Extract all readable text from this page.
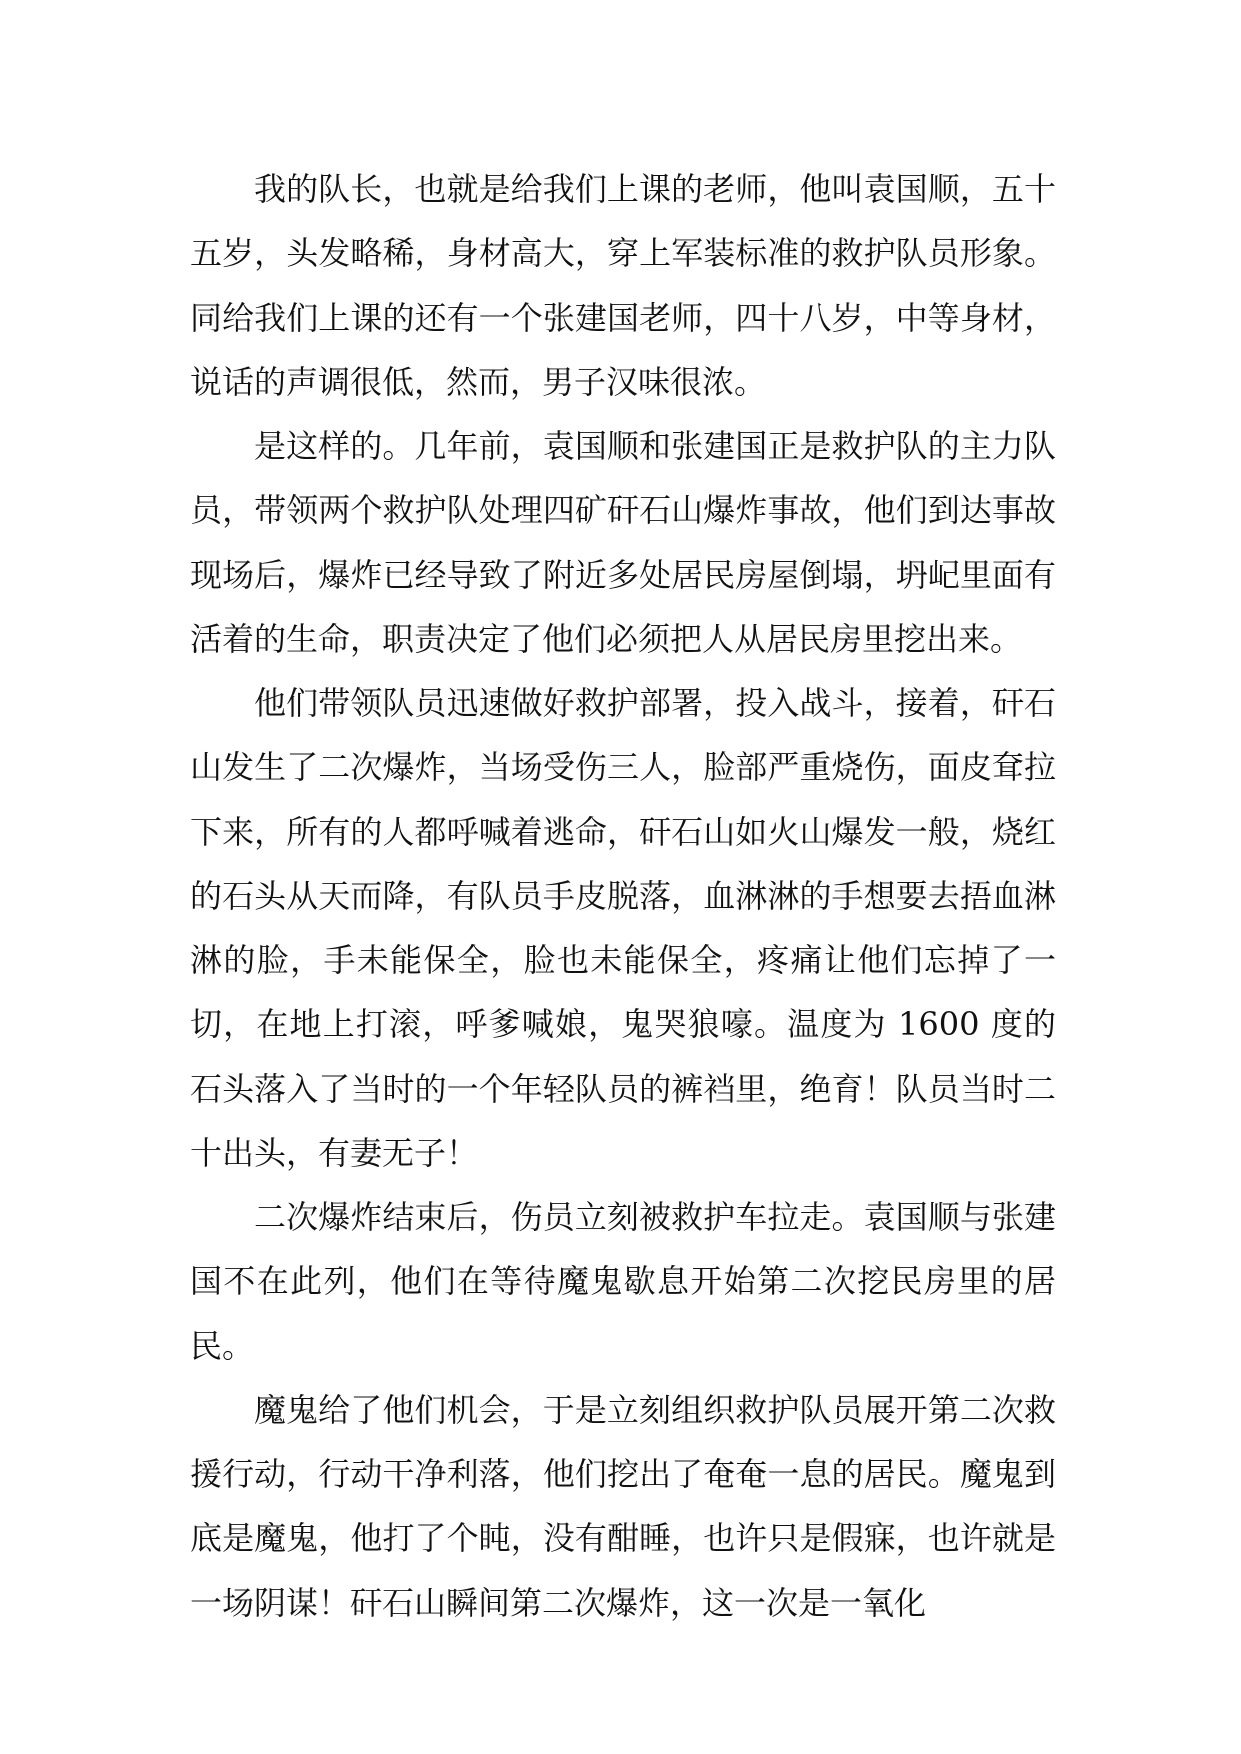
我的队长，也就是给我们上课的老师，他叫袁国顺，五十五岁，头发略稀，身材高大，穿上军装标准的救护队员形象。同给我们上课的还有一个张建国老师，四十八岁，中等身材，说话的声调很低，然而，男子汉味很浓。

是这样的。几年前，袁国顺和张建国正是救护队的主力队员，带领两个救护队处理四矿矸石山爆炸事故，他们到达事故现场后，爆炸已经导致了附近多处居民房屋倒塌，坍屺里面有活着的生命，职责决定了他们必须把人从居民房里挖出来。

他们带领队员迅速做好救护部署，投入战斗，接着，矸石山发生了二次爆炸，当场受伤三人，脸部严重烧伤，面皮耷拉下来，所有的人都呼喊着逃命，矸石山如火山爆发一般，烧红的石头从天而降，有队员手皮脱落，血淋淋的手想要去捂血淋淋的脸，手未能保全，脸也未能保全，疼痛让他们忘掉了一切，在地上打滚，呼爹喊娘，鬼哭狼嚎。温度为 1600 度的石头落入了当时的一个年轻队员的裤裆里，绝育！队员当时二十出头，有妻无子！

二次爆炸结束后，伤员立刻被救护车拉走。袁国顺与张建国不在此列，他们在等待魔鬼歇息开始第二次挖民房里的居民。

魔鬼给了他们机会，于是立刻组织救护队员展开第二次救援行动，行动干净利落，他们挖出了奄奄一息的居民。魔鬼到底是魔鬼，他打了个盹，没有酣睡，也许只是假寐，也许就是一场阴谋！矸石山瞬间第二次爆炸，这一次是一氧化
